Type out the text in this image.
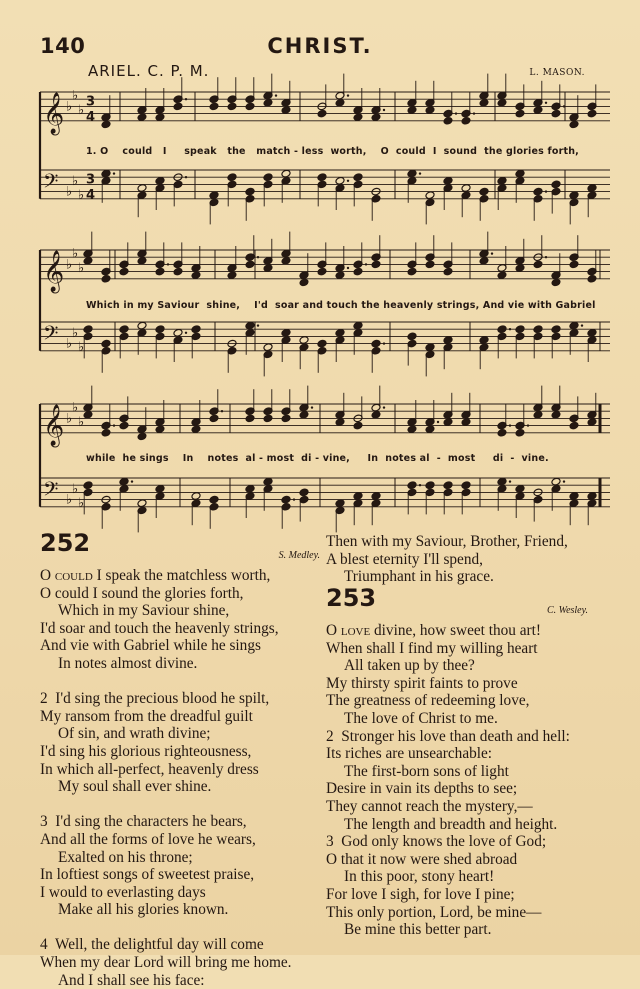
140	CHRIST.
ARIEL. C. P. M.	L. MASON.
𝄞 ♭
♭
♭
3
4
𝄢 ♭
♭
♭
3
4
𝄞 ♭
♭
♭
𝄢 ♭
♭
♭
𝄞 ♭
♭
♭
𝄢 ♭
♭
♭
1. O    could   I     speak   the   match - less  worth,    O  could  I  sound  the glories forth,
Which in my Saviour  shine,    I'd  soar and touch the heavenly strings, And vie with Gabriel
while  he sings    In    notes  al - most  di - vine,     In  notes al  -  most     di  -  vine.
252	S. Medley.
O could I speak the matchless worth,
O could I sound the glories forth,
Which in my Saviour shine,
I'd soar and touch the heavenly strings,
And vie with Gabriel while he sings
In notes almost divine.
2  I'd sing the precious blood he spilt,
My ransom from the dreadful guilt
Of sin, and wrath divine;
I'd sing his glorious righteousness,
In which all-perfect, heavenly dress
My soul shall ever shine.
3  I'd sing the characters he bears,
And all the forms of love he wears,
Exalted on his throne;
In loftiest songs of sweetest praise,
I would to everlasting days
Make all his glories known.
4  Well, the delightful day will come
When my dear Lord will bring me home.
And I shall see his face:
Then with my Saviour, Brother, Friend,
A blest eternity I'll spend,
Triumphant in his grace.
253	C. Wesley.
O love divine, how sweet thou art!
When shall I find my willing heart
All taken up by thee?
My thirsty spirit faints to prove
The greatness of redeeming love,
The love of Christ to me.
2  Stronger his love than death and hell:
Its riches are unsearchable:
The first-born sons of light
Desire in vain its depths to see;
They cannot reach the mystery,—
The length and breadth and height.
3  God only knows the love of God;
O that it now were shed abroad
In this poor, stony heart!
For love I sigh, for love I pine;
This only portion, Lord, be mine—
Be mine this better part.
